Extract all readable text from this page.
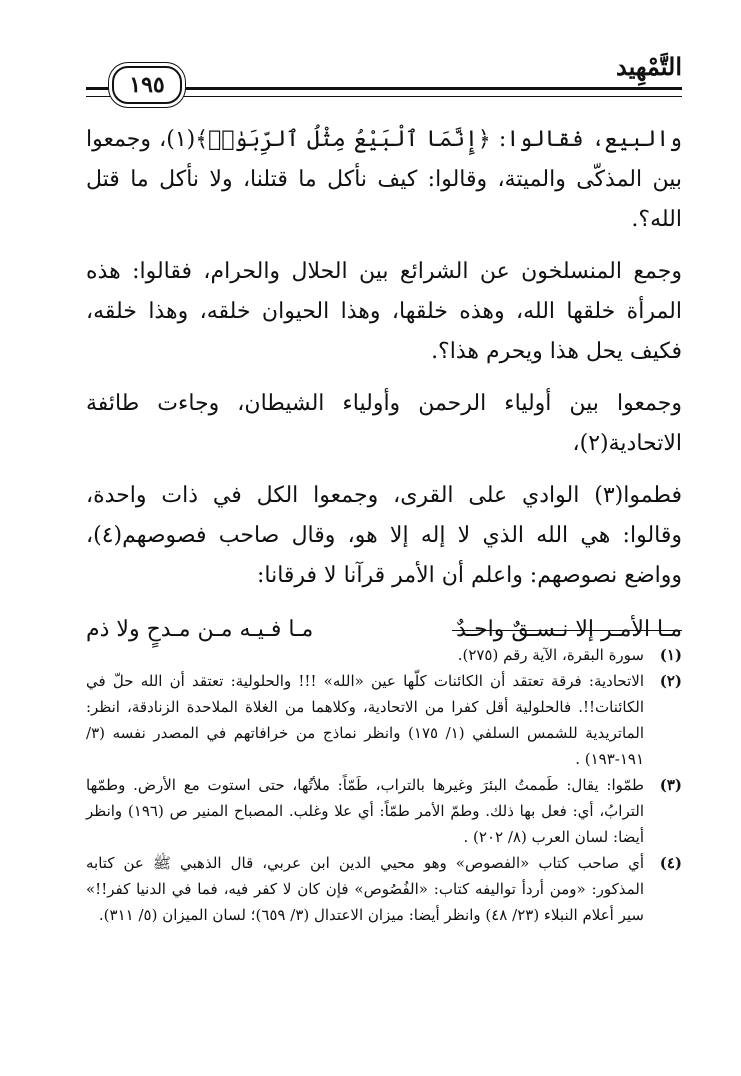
التَّمْهِيد
١٩٥

والبيع، فقالوا: ﴿إِنَّمَا ٱلْبَيْعُ مِثْلُ ٱلرِّبَوٰا۟﴾(١)، وجمعوا بين المذكّى والميتة، وقالوا: كيف نأكل ما قتلنا، ولا نأكل ما قتل الله؟.

وجمع المنسلخون عن الشرائع بين الحلال والحرام، فقالوا: هذه المرأة خلقها الله، وهذه خلقها، وهذا الحيوان خلقه، وهذا خلقه، فكيف يحل هذا ويحرم هذا؟.

وجمعوا بين أولياء الرحمن وأولياء الشيطان، وجاءت طائفة الاتحادية(٢)،

فطموا(٣) الوادي على القرى، وجمعوا الكل في ذات واحدة، وقالوا: هي الله الذي لا إله إلا هو، وقال صاحب فصوصهم(٤)، وواضع نصوصهم: واعلم أن الأمر قرآنا لا فرقانا:

مـا الأمـر إلا نـسـقٌ واحـدٌ
مـا فـيـه مـن مـدحٍ ولا ذم
(١)
سورة البقرة، الآية رقم (٢٧٥).
(٢)
الاتحادية: فرقة تعتقد أن الكائنات كلّها عين «الله» !!! والحلولية: تعتقد أن الله حلّ في الكائنات!!. فالحلولية أقل كفرا من الاتحادية، وكلاهما من الغلاة الملاحدة الزنادقة، انظر: الماتريدية للشمس السلفي (١/ ١٧٥) وانظر نماذج من خرافاتهم في المصدر نفسه (٣/ ١٩١-١٩٣) .
(٣)
طمّوا: يقال: طَممتُ البئرَ وغيرها بالتراب، طَمّاً: ملأتُها، حتى استوت مع الأرض. وطمّها الترابُ، أي: فعل بها ذلك. وطمّ الأمر طمّاً: أي علا وغلب. المصباح المنير ص (١٩٦) وانظر أيضا: لسان العرب (٨/ ٢٠٢) .
(٤)
أي صاحب كتاب «الفصوص» وهو محيي الدين ابن عربي، قال الذهبي ﷺ عن كتابه المذكور: «ومن أردأ تواليفه كتاب: «الفُصُوص» فإن كان لا كفر فيه، فما في الدنيا كفر!!» سير أعلام النبلاء (٢٣/ ٤٨) وانظر أيضا: ميزان الاعتدال (٣/ ٦٥٩)؛ لسان الميزان (٥/ ٣١١).
